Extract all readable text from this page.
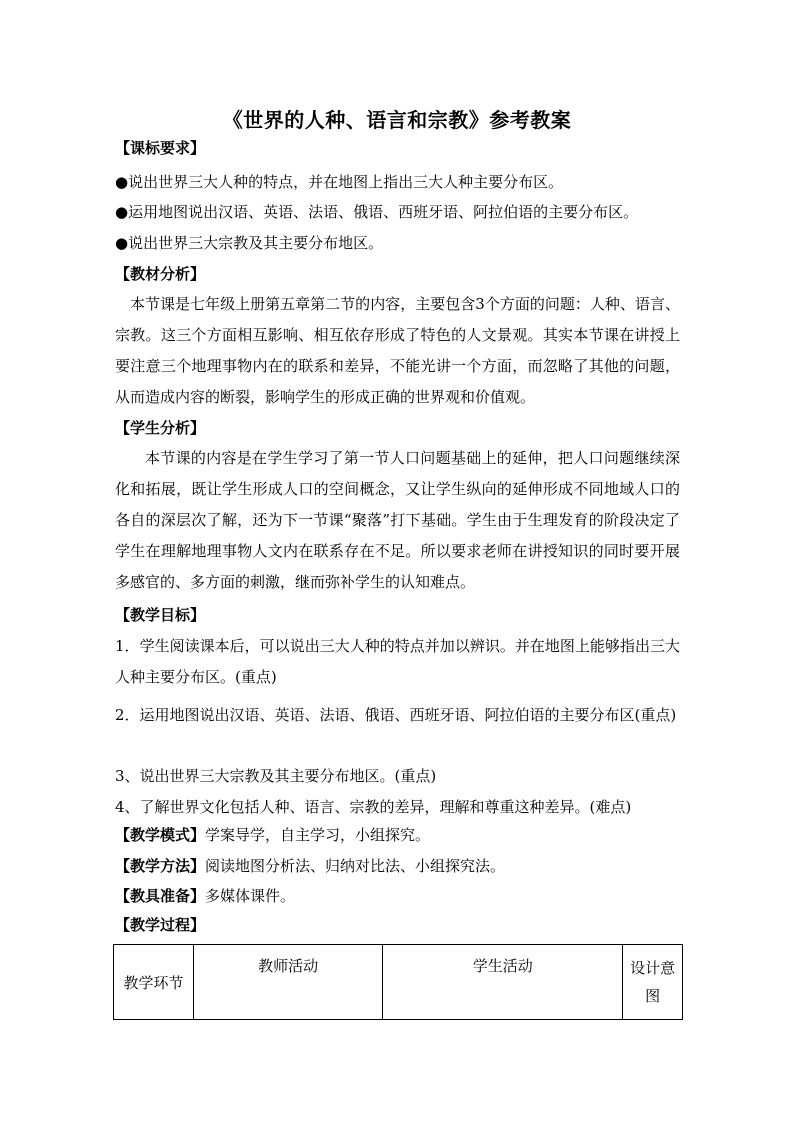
《世界的人种、语言和宗教》参考教案
【课标要求】
●说出世界三大人种的特点，并在地图上指出三大人种主要分布区。
●运用地图说出汉语、英语、法语、俄语、西班牙语、阿拉伯语的主要分布区。
●说出世界三大宗教及其主要分布地区。
【教材分析】
本节课是七年级上册第五章第二节的内容，主要包含3个方面的问题：人种、语言、宗教。这三个方面相互影响、相互依存形成了特色的人文景观。其实本节课在讲授上要注意三个地理事物内在的联系和差异，不能光讲一个方面，而忽略了其他的问题，从而造成内容的断裂，影响学生的形成正确的世界观和价值观。
【学生分析】
本节课的内容是在学生学习了第一节人口问题基础上的延伸，把人口问题继续深化和拓展，既让学生形成人口的空间概念，又让学生纵向的延伸形成不同地域人口的各自的深层次了解，还为下一节课“聚落”打下基础。学生由于生理发育的阶段决定了学生在理解地理事物人文内在联系存在不足。所以要求老师在讲授知识的同时要开展多感官的、多方面的刺激，继而弥补学生的认知难点。
【教学目标】
1．学生阅读课本后，可以说出三大人种的特点并加以辨识。并在地图上能够指出三大人种主要分布区。(重点)
2．运用地图说出汉语、英语、法语、俄语、西班牙语、阿拉伯语的主要分布区(重点)
3、说出世界三大宗教及其主要分布地区。(重点)
4、了解世界文化包括人种、语言、宗教的差异，理解和尊重这种差异。(难点)
【教学模式】学案导学，自主学习，小组探究。
【教学方法】阅读地图分析法、归纳对比法、小组探究法。
【教具准备】多媒体课件。
【教学过程】
教学环节	教师活动	学生活动	设计意图
